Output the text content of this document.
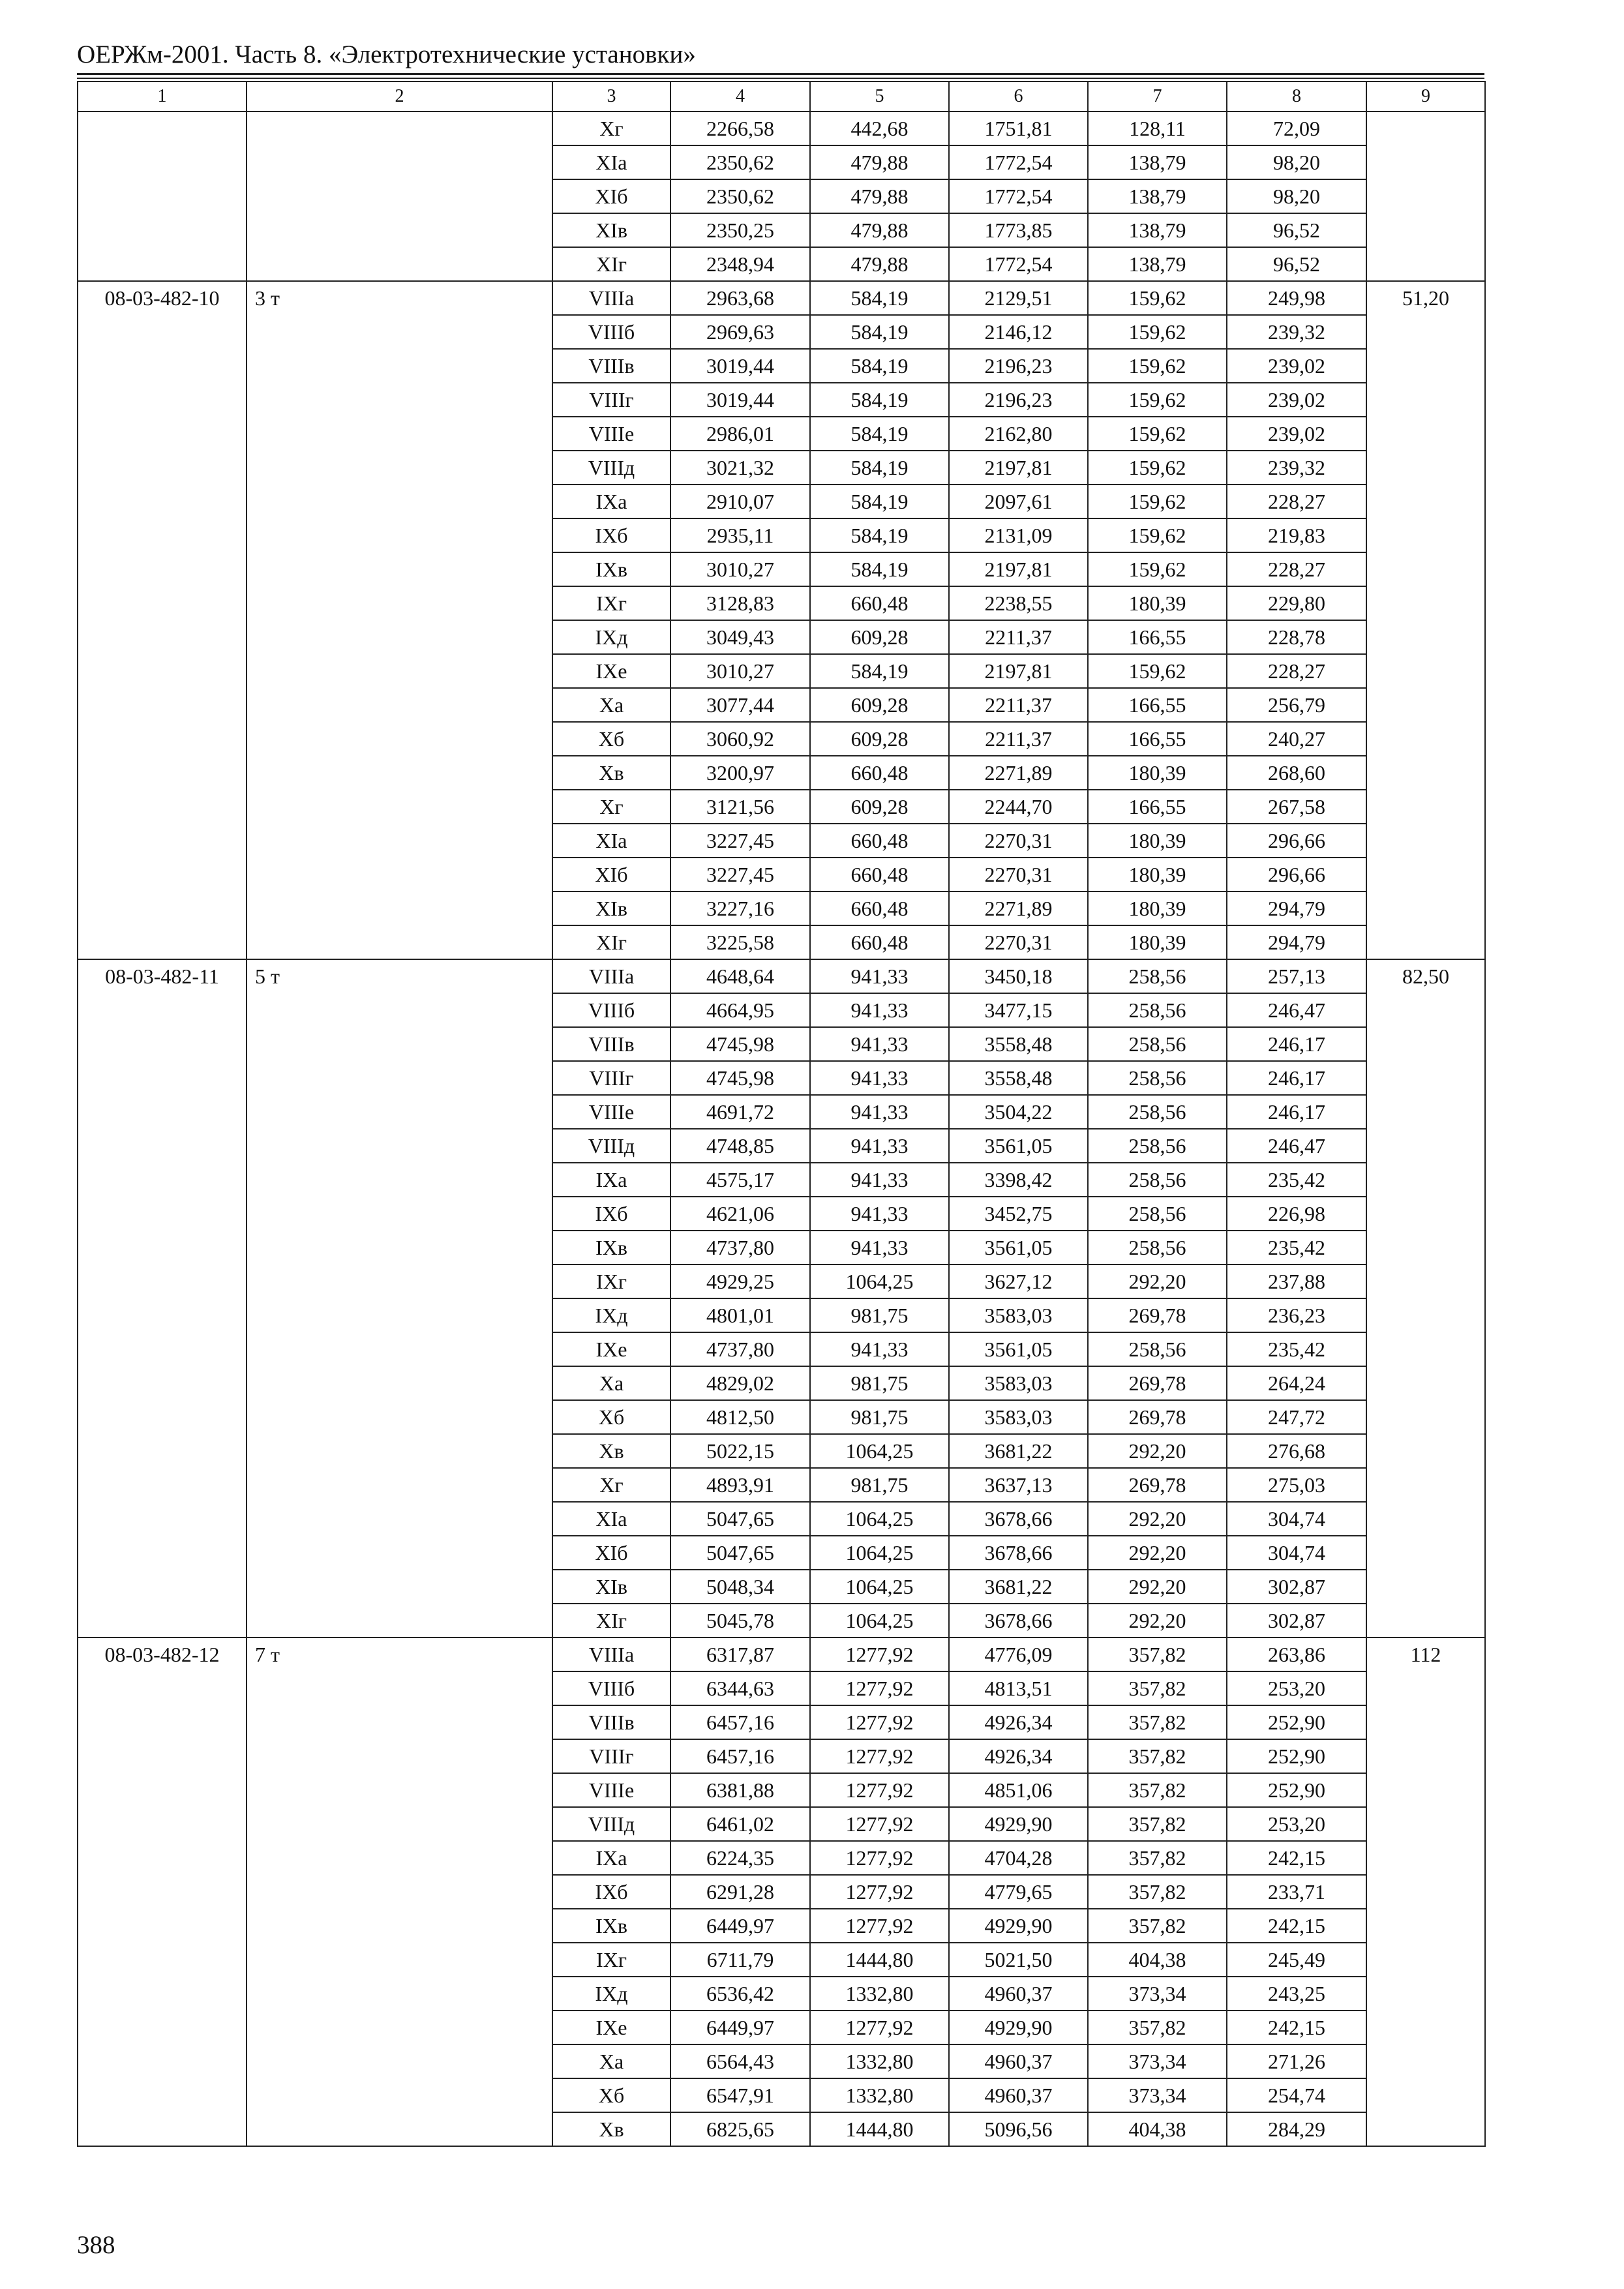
ОЕРЖм-2001. Часть 8. «Электротехнические установки»
1	2	3	4	5	6	7	8	9
		Xг	2266,58	442,68	1751,81	128,11	72,09	
		XIа	2350,62	479,88	1772,54	138,79	98,20	
		XIб	2350,62	479,88	1772,54	138,79	98,20	
		XIв	2350,25	479,88	1773,85	138,79	96,52	
		XIг	2348,94	479,88	1772,54	138,79	96,52	
08-03-482-10	3 т	VIIIа	2963,68	584,19	2129,51	159,62	249,98	51,20
		VIIIб	2969,63	584,19	2146,12	159,62	239,32	
		VIIIв	3019,44	584,19	2196,23	159,62	239,02	
		VIIIг	3019,44	584,19	2196,23	159,62	239,02	
		VIIIе	2986,01	584,19	2162,80	159,62	239,02	
		VIIIд	3021,32	584,19	2197,81	159,62	239,32	
		IXа	2910,07	584,19	2097,61	159,62	228,27	
		IXб	2935,11	584,19	2131,09	159,62	219,83	
		IXв	3010,27	584,19	2197,81	159,62	228,27	
		IXг	3128,83	660,48	2238,55	180,39	229,80	
		IXд	3049,43	609,28	2211,37	166,55	228,78	
		IXе	3010,27	584,19	2197,81	159,62	228,27	
		Xа	3077,44	609,28	2211,37	166,55	256,79	
		Xб	3060,92	609,28	2211,37	166,55	240,27	
		Xв	3200,97	660,48	2271,89	180,39	268,60	
		Xг	3121,56	609,28	2244,70	166,55	267,58	
		XIа	3227,45	660,48	2270,31	180,39	296,66	
		XIб	3227,45	660,48	2270,31	180,39	296,66	
		XIв	3227,16	660,48	2271,89	180,39	294,79	
		XIг	3225,58	660,48	2270,31	180,39	294,79	
08-03-482-11	5 т	VIIIа	4648,64	941,33	3450,18	258,56	257,13	82,50
		VIIIб	4664,95	941,33	3477,15	258,56	246,47	
		VIIIв	4745,98	941,33	3558,48	258,56	246,17	
		VIIIг	4745,98	941,33	3558,48	258,56	246,17	
		VIIIе	4691,72	941,33	3504,22	258,56	246,17	
		VIIIд	4748,85	941,33	3561,05	258,56	246,47	
		IXа	4575,17	941,33	3398,42	258,56	235,42	
		IXб	4621,06	941,33	3452,75	258,56	226,98	
		IXв	4737,80	941,33	3561,05	258,56	235,42	
		IXг	4929,25	1064,25	3627,12	292,20	237,88	
		IXд	4801,01	981,75	3583,03	269,78	236,23	
		IXе	4737,80	941,33	3561,05	258,56	235,42	
		Xа	4829,02	981,75	3583,03	269,78	264,24	
		Xб	4812,50	981,75	3583,03	269,78	247,72	
		Xв	5022,15	1064,25	3681,22	292,20	276,68	
		Xг	4893,91	981,75	3637,13	269,78	275,03	
		XIа	5047,65	1064,25	3678,66	292,20	304,74	
		XIб	5047,65	1064,25	3678,66	292,20	304,74	
		XIв	5048,34	1064,25	3681,22	292,20	302,87	
		XIг	5045,78	1064,25	3678,66	292,20	302,87	
08-03-482-12	7 т	VIIIа	6317,87	1277,92	4776,09	357,82	263,86	112
		VIIIб	6344,63	1277,92	4813,51	357,82	253,20	
		VIIIв	6457,16	1277,92	4926,34	357,82	252,90	
		VIIIг	6457,16	1277,92	4926,34	357,82	252,90	
		VIIIе	6381,88	1277,92	4851,06	357,82	252,90	
		VIIIд	6461,02	1277,92	4929,90	357,82	253,20	
		IXа	6224,35	1277,92	4704,28	357,82	242,15	
		IXб	6291,28	1277,92	4779,65	357,82	233,71	
		IXв	6449,97	1277,92	4929,90	357,82	242,15	
		IXг	6711,79	1444,80	5021,50	404,38	245,49	
		IXд	6536,42	1332,80	4960,37	373,34	243,25	
		IXе	6449,97	1277,92	4929,90	357,82	242,15	
		Xа	6564,43	1332,80	4960,37	373,34	271,26	
		Xб	6547,91	1332,80	4960,37	373,34	254,74	
		Xв	6825,65	1444,80	5096,56	404,38	284,29	
388
